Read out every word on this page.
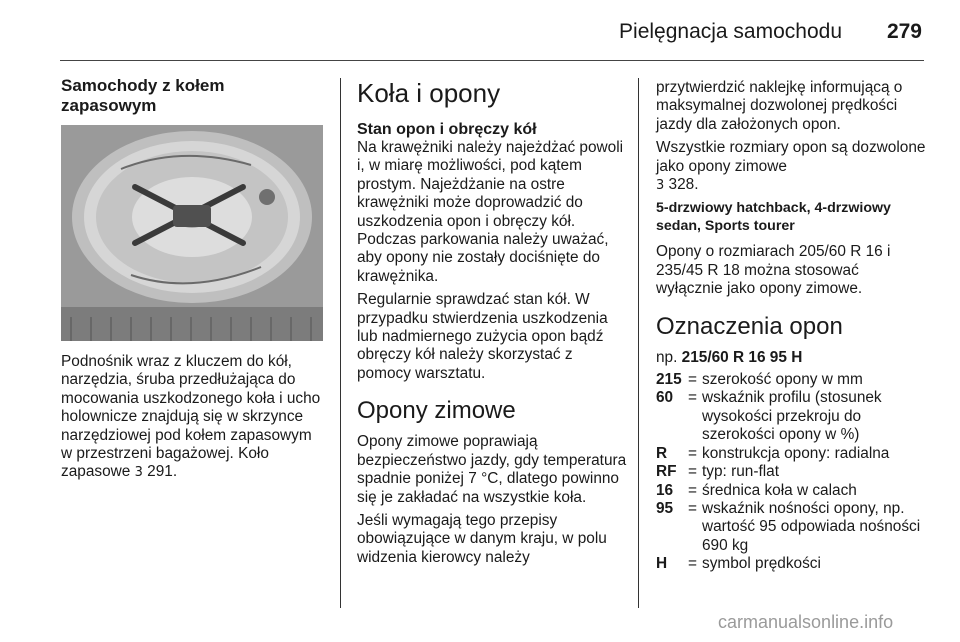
Pielęgnacja samochodu 279
Samochody z kołem zapasowym

Podnośnik wraz z kluczem do kół, narzędzia, śruba przedłużająca do mocowania uszkodzonego koła i ucho holownicze znajdują się w skrzynce narzędziowej pod kołem zapasowym w przestrzeni bagażowej. Koło zapasowe 3 291.

Koła i opony
Stan opon i obręczy kół

Na krawężniki należy najeżdżać powoli i, w miarę możliwości, pod kątem prostym. Najeżdżanie na ostre krawężniki może doprowadzić do uszkodzenia opon i obręczy kół. Podczas parkowania należy uważać, aby opony nie zostały dociśnięte do krawężnika.

Regularnie sprawdzać stan kół. W przypadku stwierdzenia uszkodzenia lub nadmiernego zużycia opon bądź obręczy kół należy skorzystać z pomocy warsztatu.

Opony zimowe

Opony zimowe poprawiają bezpieczeństwo jazdy, gdy temperatura spadnie poniżej 7 °C, dlatego powinno się je zakładać na wszystkie koła.

Jeśli wymagają tego przepisy obowiązujące w danym kraju, w polu widzenia kierowcy należy

przytwierdzić naklejkę informującą o maksymalnej dozwolonej prędkości jazdy dla założonych opon.

Wszystkie rozmiary opon są dozwolone jako opony zimowe
3 328.

5-drzwiowy hatchback, 4-drzwiowy sedan, Sports tourer

Opony o rozmiarach 205/60 R 16 i 235/45 R 18 można stosować wyłącznie jako opony zimowe.

Oznaczenia opon
np. 215/60 R 16 95 H
215	=	szerokość opony w mm
60	=	wskaźnik profilu (stosunek wysokości przekroju do szerokości opony w %)
R	=	konstrukcja opony: radialna
RF	=	typ: run-flat
16	=	średnica koła w calach
95	=	wskaźnik nośności opony, np. wartość 95 odpowiada nośności 690 kg
H	=	symbol prędkości
carmanualsonline.info
